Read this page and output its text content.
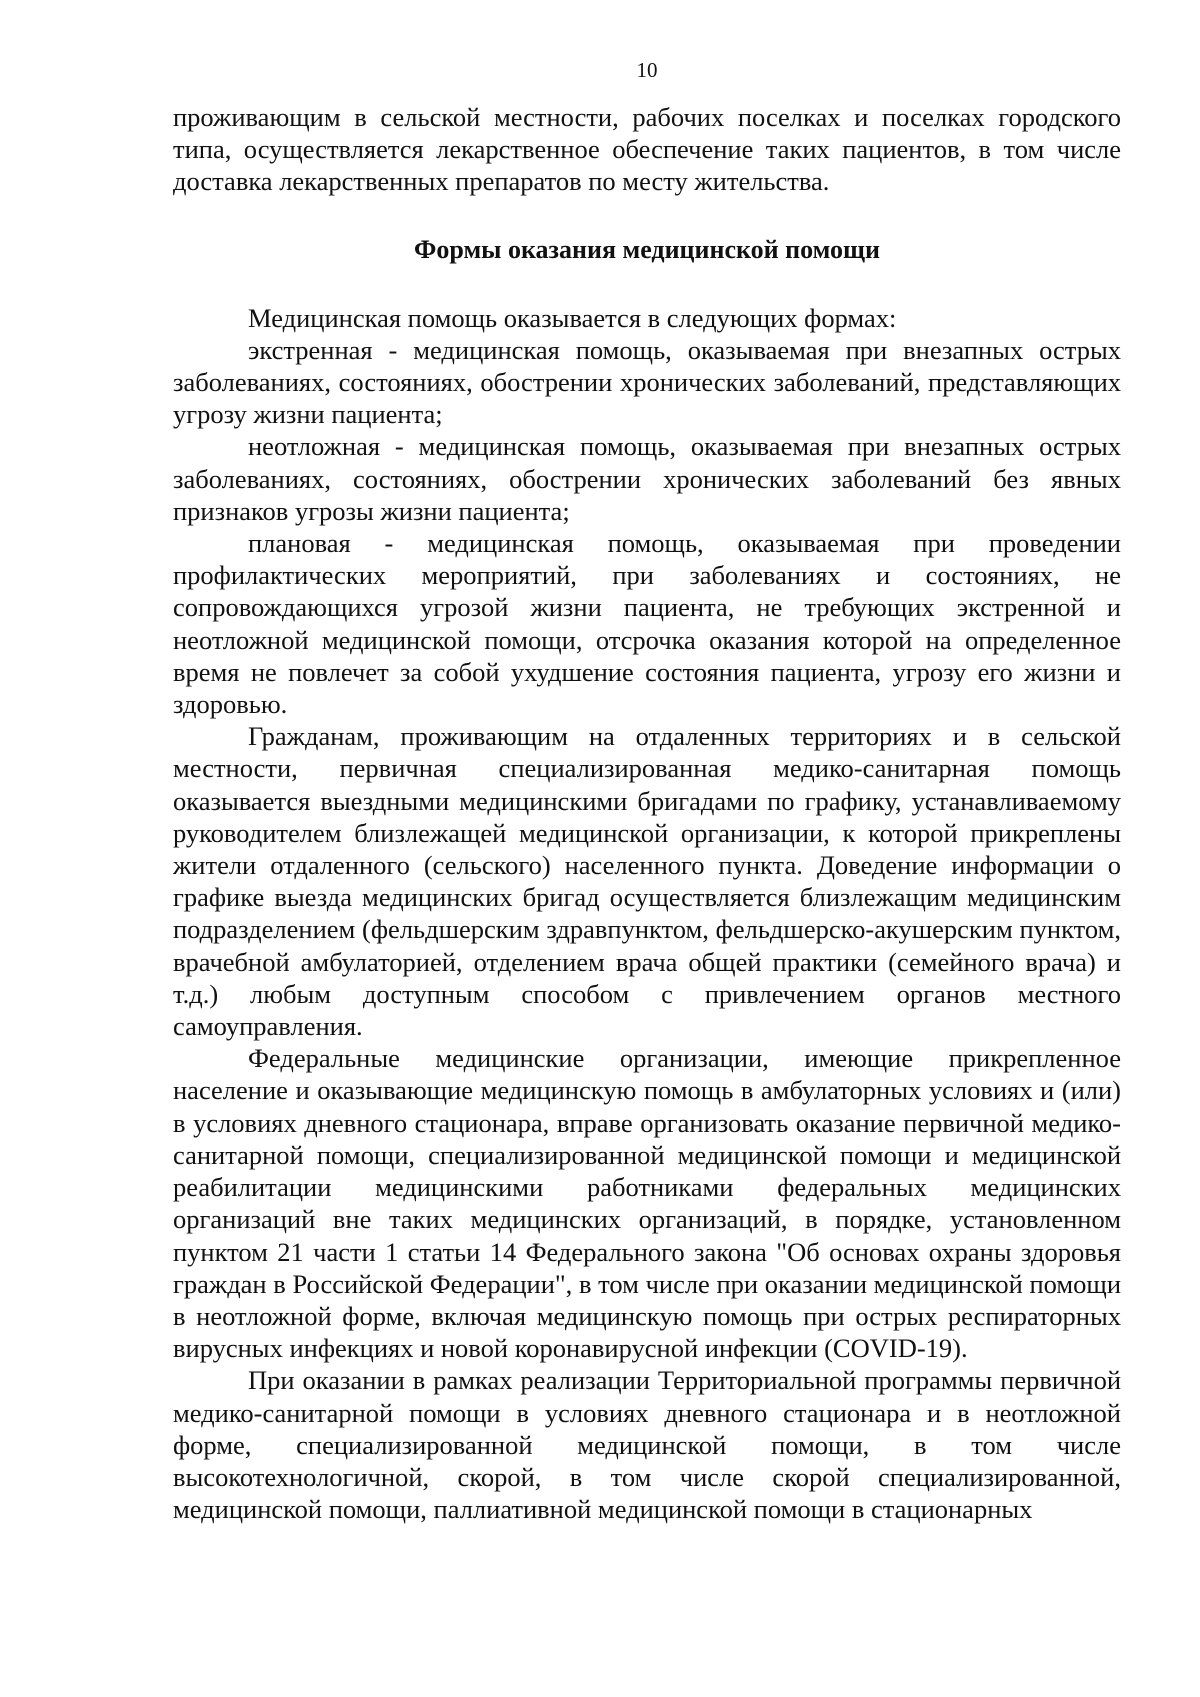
10

проживающим в сельской местности, рабочих поселках и поселках городского типа, осуществляется лекарственное обеспечение таких пациентов, в том числе доставка лекарственных препаратов по месту жительства.

Формы оказания медицинской помощи

Медицинская помощь оказывается в следующих формах:

экстренная - медицинская помощь, оказываемая при внезапных острых заболеваниях, состояниях, обострении хронических заболеваний, представляющих угрозу жизни пациента;

неотложная - медицинская помощь, оказываемая при внезапных острых заболеваниях, состояниях, обострении хронических заболеваний без явных признаков угрозы жизни пациента;

плановая - медицинская помощь, оказываемая при проведении профилактических мероприятий, при заболеваниях и состояниях, не сопровождающихся угрозой жизни пациента, не требующих экстренной и неотложной медицинской помощи, отсрочка оказания которой на определенное время не повлечет за собой ухудшение состояния пациента, угрозу его жизни и здоровью.

Гражданам, проживающим на отдаленных территориях и в сельской местности, первичная специализированная медико-санитарная помощь оказывается выездными медицинскими бригадами по графику, устанавливаемому руководителем близлежащей медицинской организации, к которой прикреплены жители отдаленного (сельского) населенного пункта. Доведение информации о графике выезда медицинских бригад осуществляется близлежащим медицинским подразделением (фельдшерским здравпунктом, фельдшерско-акушерским пунктом, врачебной амбулаторией, отделением врача общей практики (семейного врача) и т.д.) любым доступным способом с привлечением органов местного самоуправления.

Федеральные медицинские организации, имеющие прикрепленное население и оказывающие медицинскую помощь в амбулаторных условиях и (или) в условиях дневного стационара, вправе организовать оказание первичной медико-санитарной помощи, специализированной медицинской помощи и медицинской реабилитации медицинскими работниками федеральных медицинских организаций вне таких медицинских организаций, в порядке, установленном пунктом 21 части 1 статьи 14 Федерального закона "Об основах охраны здоровья граждан в Российской Федерации", в том числе при оказании медицинской помощи в неотложной форме, включая медицинскую помощь при острых респираторных вирусных инфекциях и новой коронавирусной инфекции (COVID-19).

При оказании в рамках реализации Территориальной программы первичной медико-санитарной помощи в условиях дневного стационара и в неотложной форме, специализированной медицинской помощи, в том числе высокотехнологичной, скорой, в том числе скорой специализированной, медицинской помощи, паллиативной медицинской помощи в стационарных
